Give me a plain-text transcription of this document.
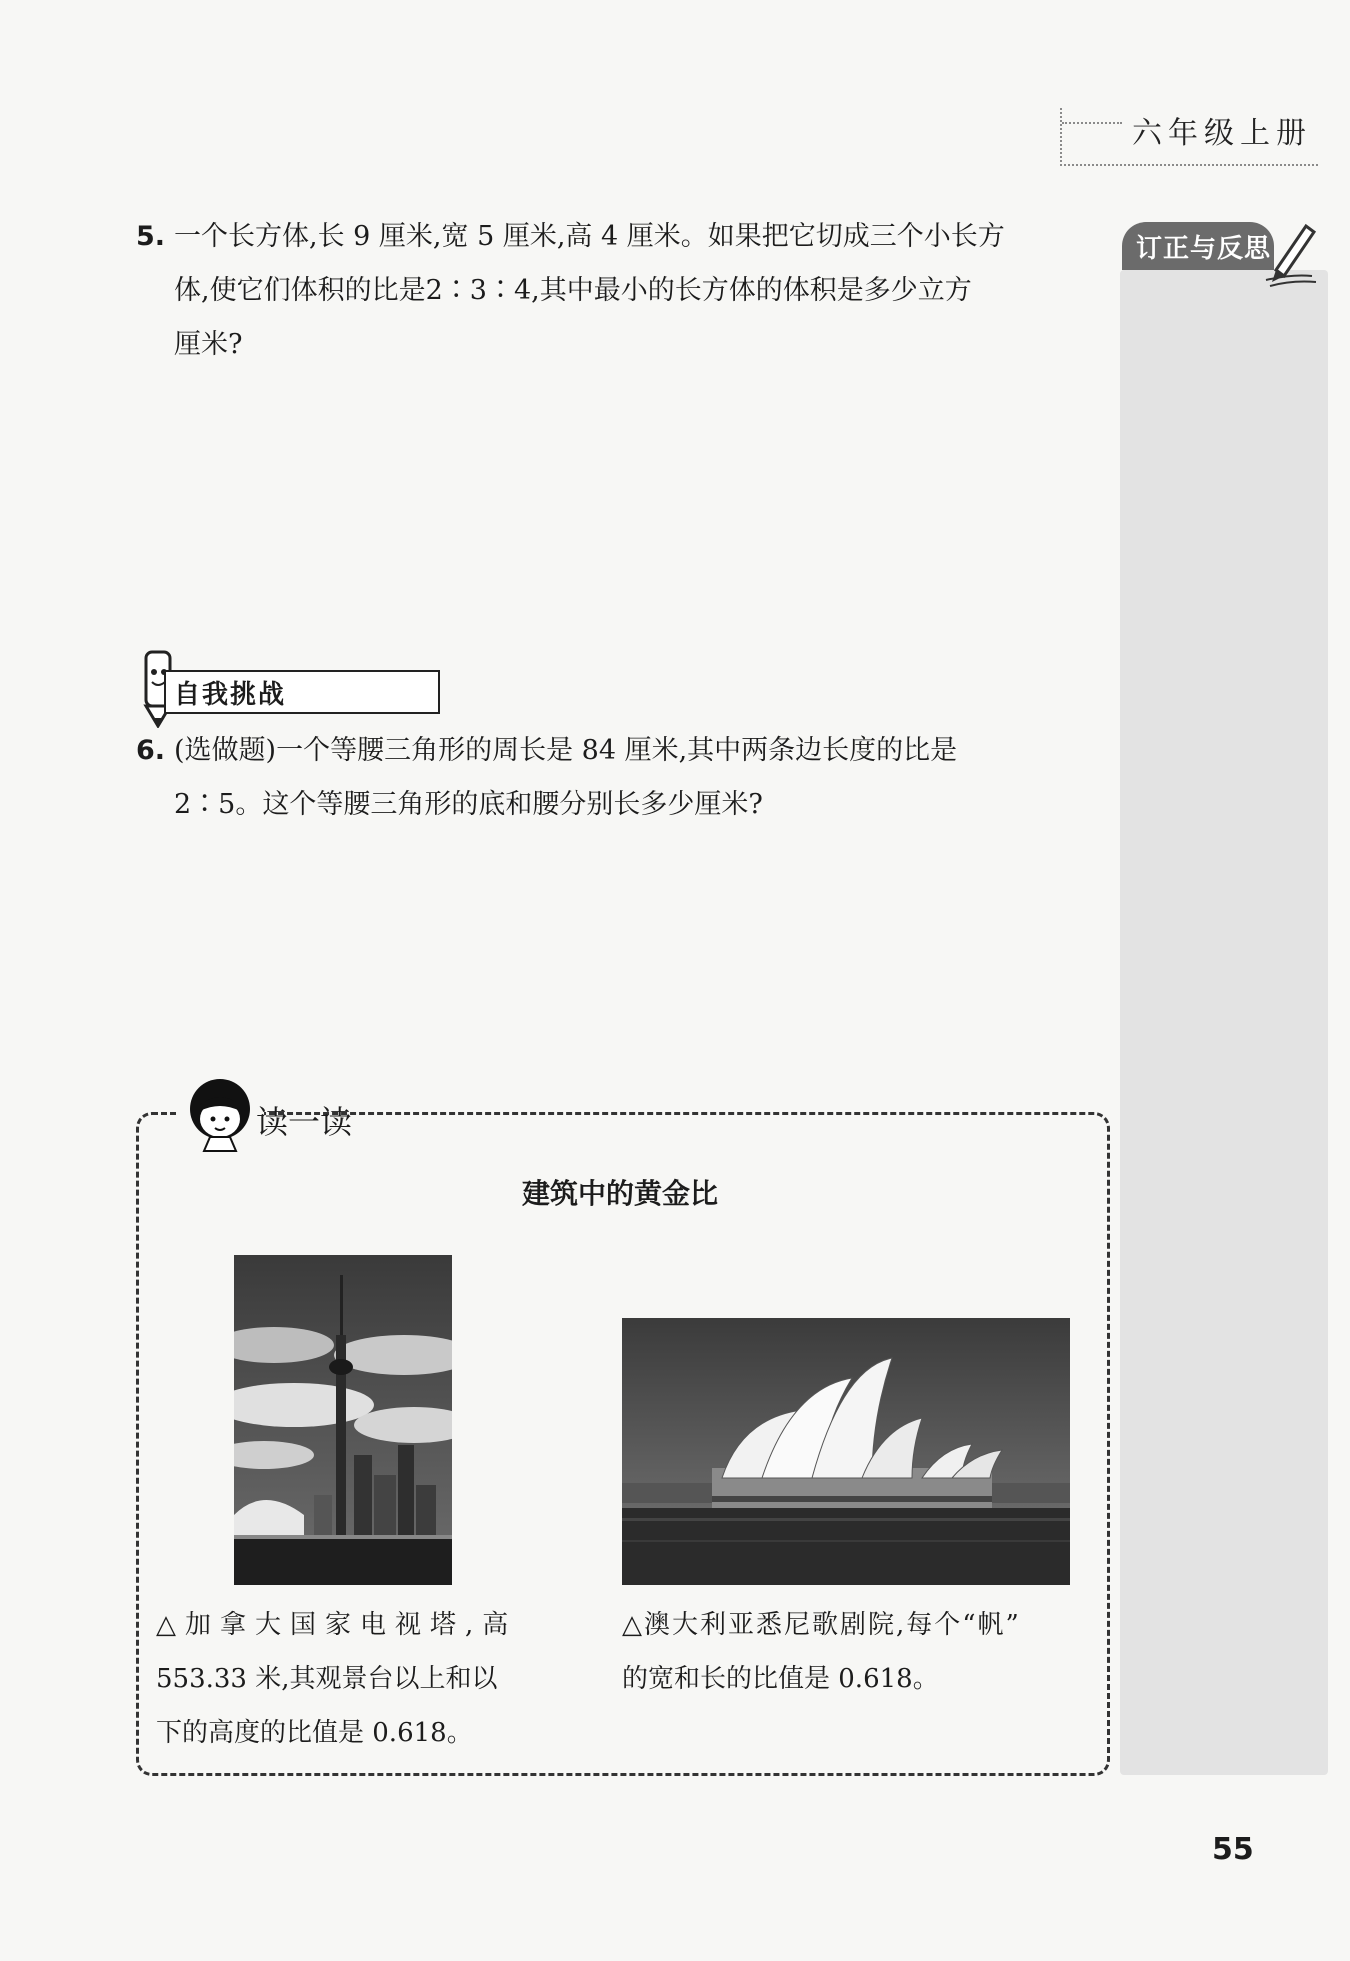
六年级上册
订正与反思
5. 一个长方体,长 9 厘米,宽 5 厘米,高 4 厘米。如果把它切成三个小长方
体,使它们体积的比是2∶3∶4,其中最小的长方体的体积是多少立方
厘米?
自我挑战
6. (选做题)一个等腰三角形的周长是 84 厘米,其中两条边长度的比是
2∶5。这个等腰三角形的底和腰分别长多少厘米?
读一读
建筑中的黄金比
△加拿大国家电视塔,高
553.33 米,其观景台以上和以
下的高度的比值是 0.618。
△澳大利亚悉尼歌剧院,每个“帆”
的宽和长的比值是 0.618。
55
